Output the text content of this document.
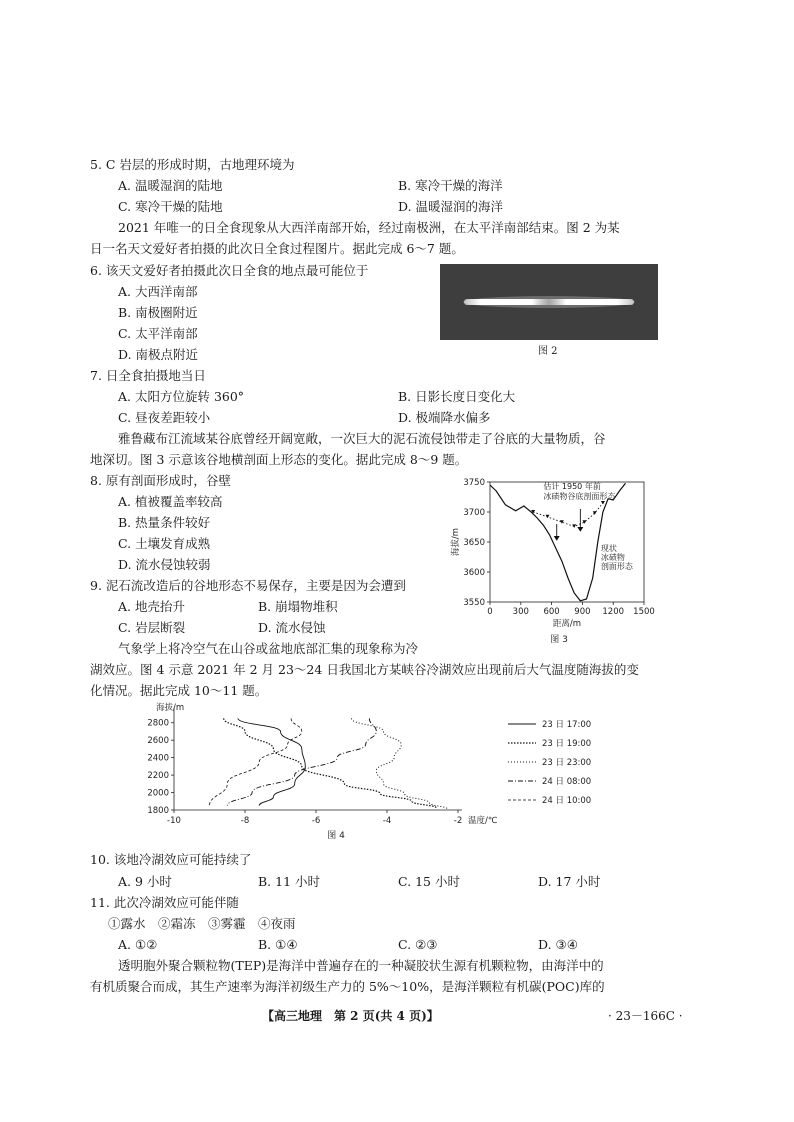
5. C 岩层的形成时期，古地理环境为
A. 温暖湿润的陆地	B. 寒冷干燥的海洋
C. 寒冷干燥的陆地	D. 温暖湿润的海洋
2021 年唯一的日全食现象从大西洋南部开始，经过南极洲，在太平洋南部结束。图 2 为某
日一名天文爱好者拍摄的此次日全食过程图片。据此完成 6～7 题。
6. 该天文爱好者拍摄此次日全食的地点最可能位于
A. 大西洋南部
B. 南极圈附近
C. 太平洋南部
D. 南极点附近	图 2
7. 日全食拍摄地当日
A. 太阳方位旋转 360°	B. 日影长度日变化大
C. 昼夜差距较小	D. 极端降水偏多
雅鲁藏布江流域某谷底曾经开阔宽敞，一次巨大的泥石流侵蚀带走了谷底的大量物质，谷
地深切。图 3 示意该谷地横剖面上形态的变化。据此完成 8～9 题。
8. 原有剖面形成时，谷壁
A. 植被覆盖率较高
B. 热量条件较好
C. 土壤发育成熟
D. 流水侵蚀较弱
9. 泥石流改造后的谷地形态不易保存，主要是因为会遭到
A. 地壳抬升	B. 崩塌物堆积
C. 岩层断裂	D. 流水侵蚀
3550
3600
3650
3700
3750
0 300 600 900 1200 1500
估计 1950 年前
冰碛物谷底剖面形态
现状
冰碛物
剖面形态
海拔/m
距离/m
图 3
气象学上将冷空气在山谷或盆地底部汇集的现象称为冷
湖效应。图 4 示意 2021 年 2 月 23～24 日我国北方某峡谷冷湖效应出现前后大气温度随海拔的变
化情况。据此完成 10～11 题。
1800
2000
2200
2400
2600
2800
-10	-8	-6	-4	-2
海拔/m
温度/℃
图 4
23 日 17:00
23 日 19:00
23 日 23:00
24 日 08:00
24 日 10:00
10. 该地冷湖效应可能持续了
A. 9 小时	B. 11 小时	C. 15 小时	D. 17 小时
11. 此次冷湖效应可能伴随
①露水　②霜冻　③雾霾　④夜雨
A. ①②	B. ①④	C. ②③	D. ③④
透明胞外聚合颗粒物(TEP)是海洋中普遍存在的一种凝胶状生源有机颗粒物，由海洋中的
有机质聚合而成，其生产速率为海洋初级生产力的 5%～10%，是海洋颗粒有机碳(POC)库的
【高三地理　第 2 页(共 4 页)】	· 23－166C ·
